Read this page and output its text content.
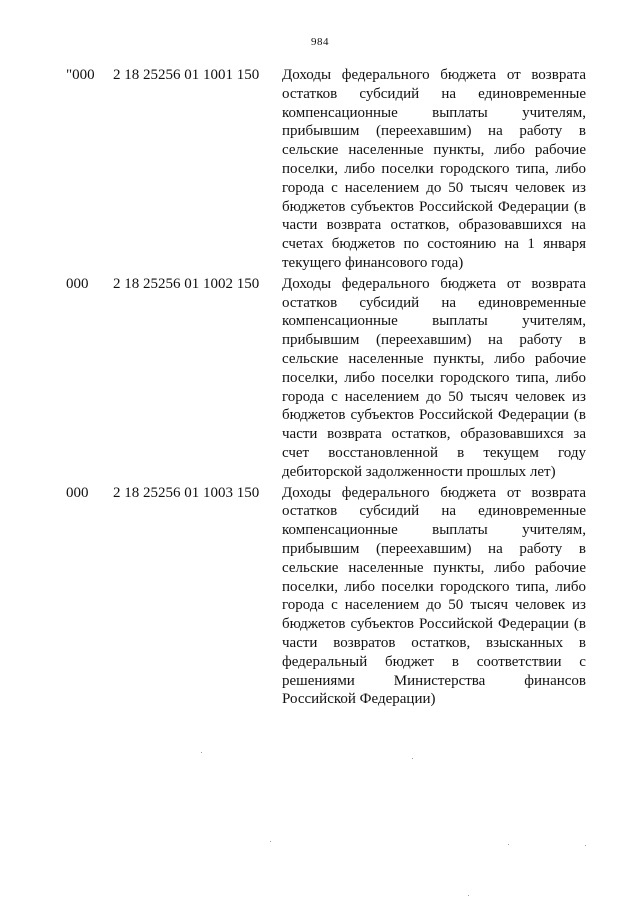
984
"000 2 18 25256 01 1001 150 Доходы федерального бюджета от возврата
остатков субсидий на единовременные
компенсационные выплаты учителям,
прибывшим (переехавшим) на работу в
сельские населенные пункты, либо рабочие
поселки, либо поселки городского типа, либо
города с населением до 50 тысяч человек из
бюджетов субъектов Российской Федерации (в
части возврата остатков, образовавшихся на
счетах бюджетов по состоянию на 1 января
текущего финансового года)
000 2 18 25256 01 1002 150 Доходы федерального бюджета от возврата
остатков субсидий на единовременные
компенсационные выплаты учителям,
прибывшим (переехавшим) на работу в
сельские населенные пункты, либо рабочие
поселки, либо поселки городского типа, либо
города с населением до 50 тысяч человек из
бюджетов субъектов Российской Федерации (в
части возврата остатков, образовавшихся за
счет восстановленной в текущем году
дебиторской задолженности прошлых лет)
000 2 18 25256 01 1003 150 Доходы федерального бюджета от возврата
остатков субсидий на единовременные
компенсационные выплаты учителям,
прибывшим (переехавшим) на работу в
сельские населенные пункты, либо рабочие
поселки, либо поселки городского типа, либо
города с населением до 50 тысяч человек из
бюджетов субъектов Российской Федерации (в
части возвратов остатков, взысканных в
федеральный бюджет в соответствии с
решениями	Министерства	финансов
Российской Федерации)
